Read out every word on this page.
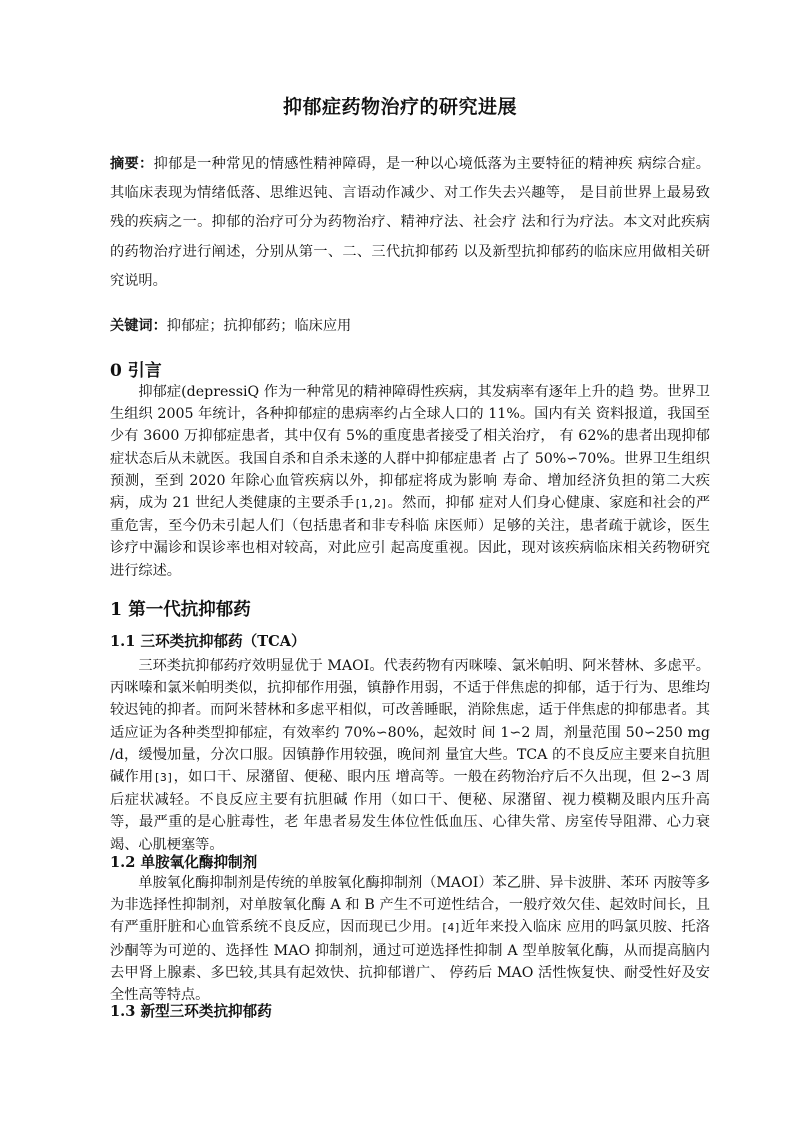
抑郁症药物治疗的研究进展
摘要：抑郁是一种常见的情感性精神障碍，是一种以心境低落为主要特征的精神疾 病综合症。其临床表现为情绪低落、思维迟钝、言语动作减少、对工作失去兴趣等， 是目前世界上最易致残的疾病之一。抑郁的治疗可分为药物治疗、精神疗法、社会疗 法和行为疗法。本文对此疾病的药物治疗进行阐述，分别从第一、二、三代抗抑郁药 以及新型抗抑郁药的临床应用做相关研究说明。
关键词：抑郁症；抗抑郁药；临床应用
0 引言

抑郁症(depressiQ 作为一种常见的精神障碍性疾病，其发病率有逐年上升的趋 势。世界卫生组织 2005 年统计，各种抑郁症的患病率约占全球人口的 11%。国内有关 资料报道，我国至少有 3600 万抑郁症患者，其中仅有 5%的重度患者接受了相关治疗， 有 62%的患者出现抑郁症状态后从未就医。我国自杀和自杀未遂的人群中抑郁症患者 占了 50%∽70%。世界卫生组织预测，至到 2020 年除心血管疾病以外，抑郁症将成为影响 寿命、增加经济负担的第二大疾病，成为 21 世纪人类健康的主要杀手[1,2]。然而，抑郁 症对人们身心健康、家庭和社会的严重危害，至今仍未引起人们（包括患者和非专科临 床医师）足够的关注，患者疏于就诊，医生诊疗中漏诊和误诊率也相对较高，对此应引 起高度重视。因此，现对该疾病临床相关药物研究进行综述。

1 第一代抗抑郁药
1.1 三环类抗抑郁药（TCA）

三环类抗抑郁药疗效明显优于 MAOI。代表药物有丙咪嗪、氯米帕明、阿米替林、多虑平。丙咪嗪和氯米帕明类似，抗抑郁作用强，镇静作用弱，不适于伴焦虑的抑郁，适于行为、思维均较迟钝的抑者。而阿米替林和多虑平相似，可改善睡眠，消除焦虑，适于伴焦虑的抑郁患者。其适应证为各种类型抑郁症，有效率约 70%∽80%，起效时 间 1∽2 周，剂量范围 50∽250 mg /d，缓慢加量，分次口服。因镇静作用较强，晚间剂 量宜大些。TCA 的不良反应主要来自抗胆碱作用[3]，如口干、尿潴留、便秘、眼内压 增高等。一般在药物治疗后不久出现，但 2∽3 周后症状减轻。不良反应主要有抗胆碱 作用（如口干、便秘、尿潴留、视力模糊及眼内压升高等，最严重的是心脏毒性，老 年患者易发生体位性低血压、心律失常、房室传导阻滞、心力衰竭、心肌梗塞等。

1.2 单胺氧化酶抑制剂

单胺氧化酶抑制剂是传统的单胺氧化酶抑制剂（MAOI）苯乙肼、异卡波肼、苯环 丙胺等多为非选择性抑制剂，对单胺氧化酶 A 和 B 产生不可逆性结合，一般疗效欠佳、起效时间长，且有严重肝脏和心血管系统不良反应，因而现已少用。[4]近年来投入临床 应用的吗氯贝胺、托洛沙酮等为可逆的、选择性 MAO 抑制剂，通过可逆选择性抑制 A 型单胺氧化酶，从而提高脑内去甲肾上腺素、多巴较,其具有起效快、抗抑郁谱广、 停药后 MAO 活性恢复快、耐受性好及安全性高等特点。

1.3 新型三环类抗抑郁药
